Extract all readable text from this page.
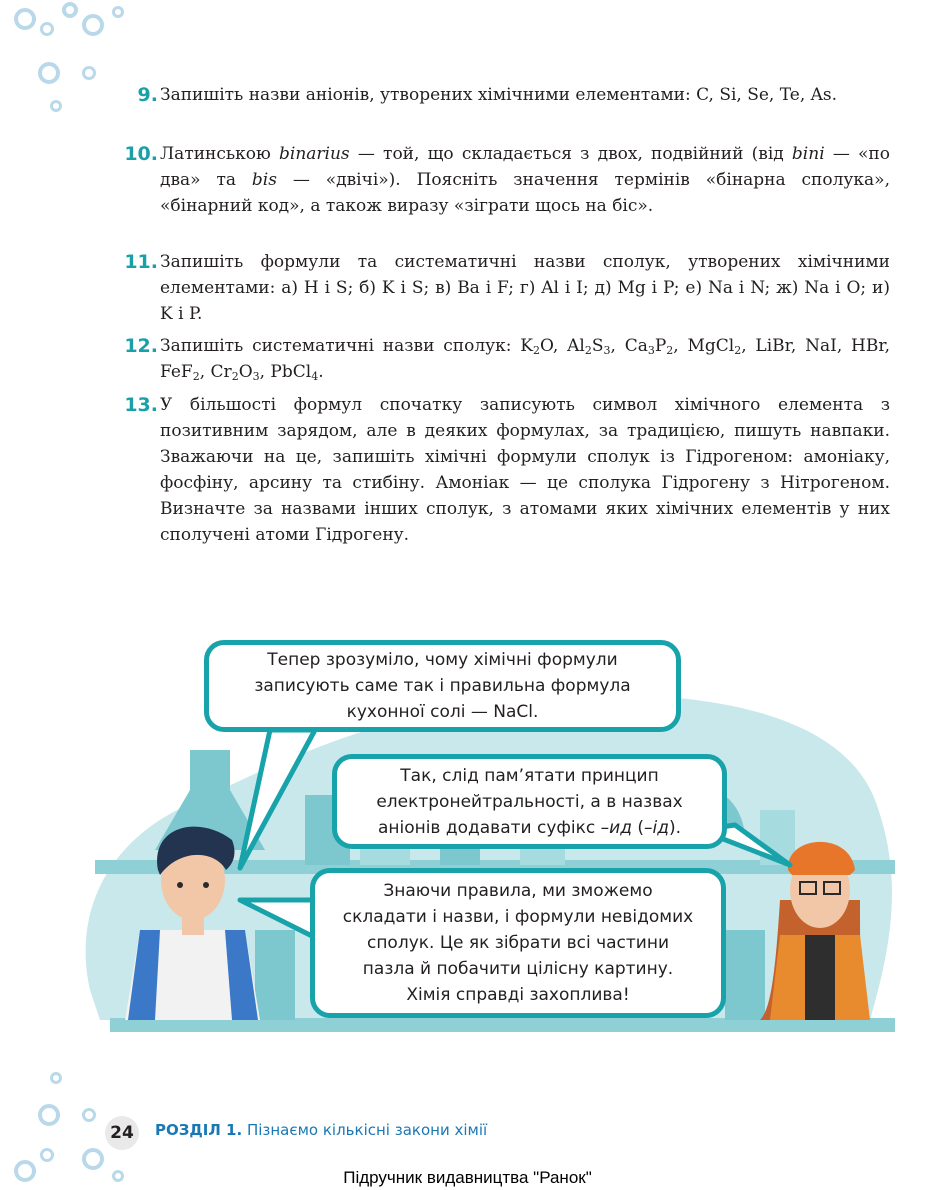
9. Запишіть назви аніонів, утворених хімічними елементами: C, Si, Se, Te, As.
10. Латинською binarius — той, що складається з двох, подвійний (від bini — «по два» та bis — «двічі»). Поясніть значення термінів «бінарна сполука», «бінарний код», а також виразу «зіграти щось на біс».
11. Запишіть формули та систематичні назви сполук, утворених хімічними елементами: а) H і S; б) K і S; в) Ba і F; г) Al і I; д) Mg і P; е) Na і N; ж) Na і O; и) K і P.
12. Запишіть систематичні назви сполук: $K_2O$, $Al_2S_3$, $Ca_3P_2$, MgCl$_2$, LiBr, NaI, HBr, FeF$_2$, $Cr_2O_3$, PbCl$_4$.
13. У більшості формул спочатку записують символ хімічного елемента з позитивним зарядом, але в деяких формулах, за традицією, пишуть навпаки. Зважаючи на це, запишіть хімічні формули сполук із Гідрогеном: амоніаку, фосфіну, арсину та стибіну. Амоніак — це сполука Гідрогену з Нітрогеном. Визначте за назвами інших сполук, з атомами яких хімічних елементів у них сполучені атоми Гідрогену.
Тепер зрозуміло, чому хімічні формули
записують саме так і правильна формула
кухонної солі — NaCl.
Так, слід пам’ятати принцип
електронейтральності, а в назвах
аніонів додавати суфікс –ид (–ід).
Знаючи правила, ми зможемо
складати і назви, і формули невідомих
сполук. Це як зібрати всі частини
пазла й побачити цілісну картину.
Хімія справді захоплива!
24	РОЗДІЛ 1. Пізнаємо кількісні закони хімії
Підручник видавництва "Ранок"
